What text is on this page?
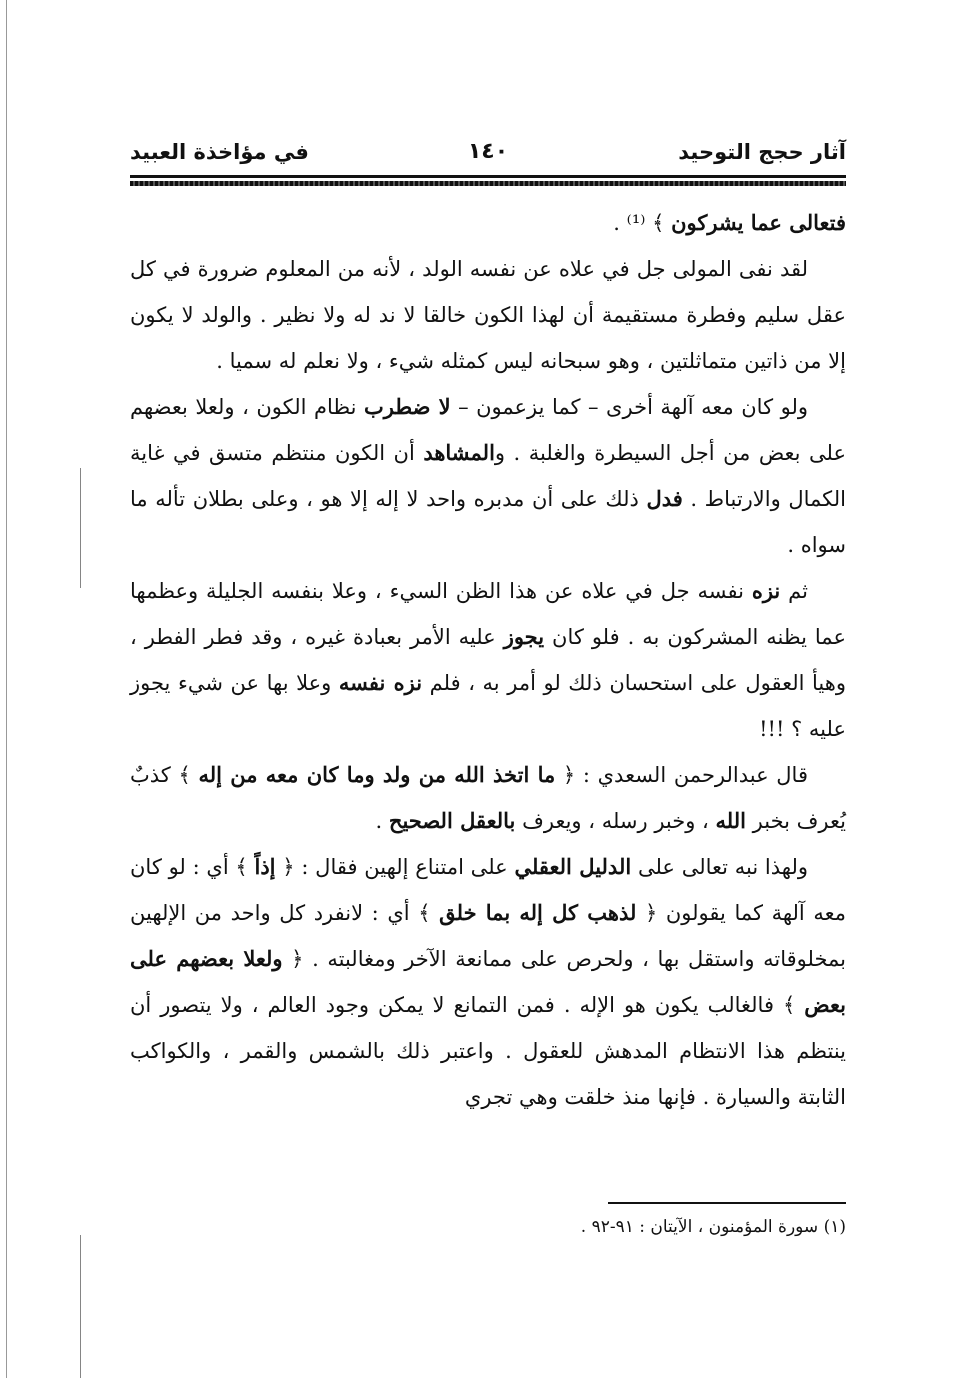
آثار حجج التوحيد
١٤٠
في مؤاخذة العبيد

فتعالى عما يشركون ﴾ ⁽¹⁾ .

لقد نفى المولى جل في علاه عن نفسه الولد ، لأنه من المعلوم ضرورة في كل عقل سليم وفطرة مستقيمة أن لهذا الكون خالقا لا ند له ولا نظير . والولد لا يكون إلا من ذاتين متماثلتين ، وهو سبحانه ليس كمثله شيء ، ولا نعلم له سميا .

ولو كان معه آلهة أخرى – كما يزعمون – لا ضطرب نظام الكون ، ولعلا بعضهم على بعض من أجل السيطرة والغلبة . والمشاهد أن الكون منتظم متسق في غاية الكمال والارتباط . فدل ذلك على أن مدبره واحد لا إله إلا هو ، وعلى بطلان تأله ما سواه .

ثم نزه نفسه جل في علاه عن هذا الظن السيء ، وعلا بنفسه الجليلة وعظمها عما يظنه المشركون به . فلو كان يجوز عليه الأمر بعبادة غيره ، وقد فطر الفطر ، وهيأ العقول على استحسان ذلك لو أمر به ، فلم نزه نفسه وعلا بها عن شيء يجوز عليه ؟ !!!

قال عبدالرحمن السعدي : ﴿ ما اتخذ الله من ولد وما كان معه من إله ﴾ كذبٌ يُعرف بخبر الله ، وخبر رسله ، ويعرف بالعقل الصحيح .

ولهذا نبه تعالى على الدليل العقلي على امتناع إلهين فقال : ﴿ إذاً ﴾ أي : لو كان معه آلهة كما يقولون ﴿ لذهب كل إله بما خلق ﴾ أي : لانفرد كل واحد من الإلهين بمخلوقاته واستقل بها ، ولحرص على ممانعة الآخر ومغالبته . ﴿ ولعلا بعضهم على بعض ﴾ فالغالب يكون هو الإله . فمن التمانع لا يمكن وجود العالم ، ولا يتصور أن ينتظم هذا الانتظام المدهش للعقول . واعتبر ذلك بالشمس والقمر ، والكواكب الثابتة والسيارة . فإنها منذ خلقت وهي تجري

(١) سورة المؤمنون ، الآيتان : ٩١-٩٢ .
